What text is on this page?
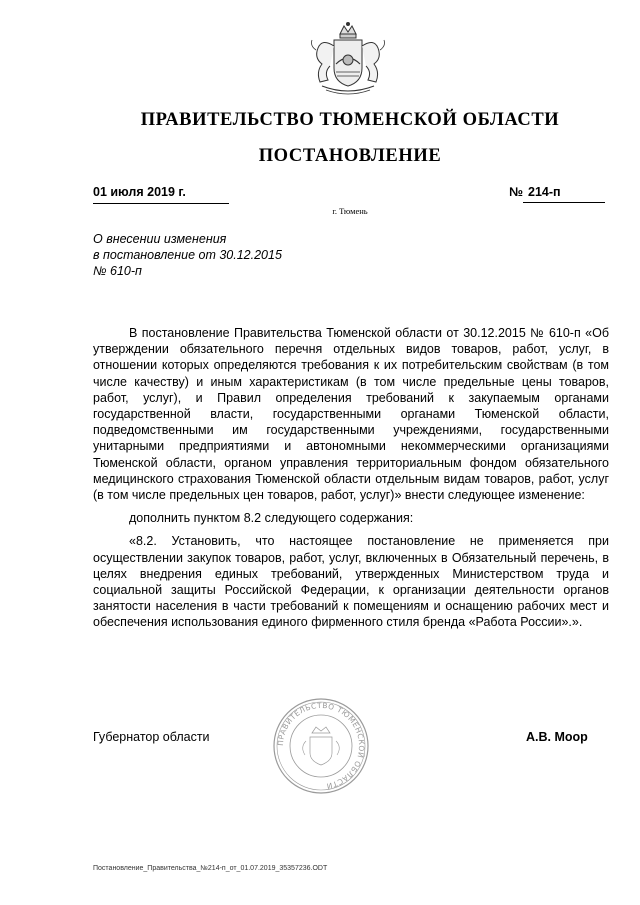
ПРАВИТЕЛЬСТВО ТЮМЕНСКОЙ ОБЛАСТИ
ПОСТАНОВЛЕНИЕ
01 июля 2019 г.	№ 214-п
г. Тюмень
О внесении изменения
в постановление от 30.12.2015
№ 610-п

В постановление Правительства Тюменской области от 30.12.2015 № 610-п «Об утверждении обязательного перечня отдельных видов товаров, работ, услуг, в отношении которых определяются требования к их потребительским свойствам (в том числе качеству) и иным характеристикам (в том числе предельные цены товаров, работ, услуг), и Правил определения требований к закупаемым органами государственной власти, государственными органами Тюменской области, подведомственными им государственными учреждениями, государственными унитарными предприятиями и автономными некоммерческими организациями Тюменской области, органом управления территориальным фондом обязательного медицинского страхования Тюменской области отдельным видам товаров, работ, услуг (в том числе предельных цен товаров, работ, услуг)» внести следующее изменение:

дополнить пунктом 8.2 следующего содержания:

«8.2. Установить, что настоящее постановление не применяется при осуществлении закупок товаров, работ, услуг, включенных в Обязательный перечень, в целях внедрения единых требований, утвержденных Министерством труда и социальной защиты Российской Федерации, к организации деятельности органов занятости населения в части требований к помещениям и оснащению рабочих мест и обеспечения использования единого фирменного стиля бренда «Работа России».».

ПРАВИТЕЛЬСТВО ТЮМЕНСКОЙ ОБЛАСТИ
Губернатор области	А.В. Моор
Постановление_Правительства_№214-п_от_01.07.2019_35357236.ODT
